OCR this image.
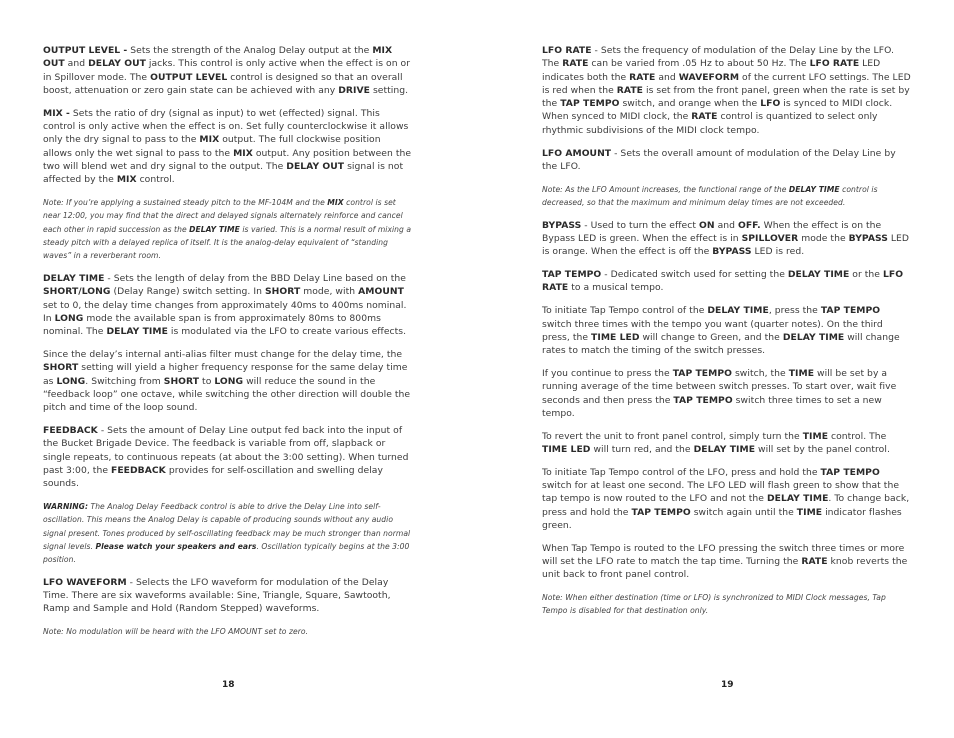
OUTPUT LEVEL - Sets the strength of the Analog Delay output at the MIX OUT and DELAY OUT jacks. This control is only active when the effect is on or in Spillover mode. The OUTPUT LEVEL control is designed so that an overall boost, attenuation or zero gain state can be achieved with any DRIVE setting.

MIX - Sets the ratio of dry (signal as input) to wet (effected) signal. This control is only active when the effect is on. Set fully counterclockwise it allows only the dry signal to pass to the MIX output. The full clockwise position allows only the wet signal to pass to the MIX output. Any position between the two will blend wet and dry signal to the output. The DELAY OUT signal is not affected by the MIX control.

Note: If you’re applying a sustained steady pitch to the MF-104M and the MIX control is set near 12:00, you may find that the direct and delayed signals alternately reinforce and cancel each other in rapid succession as the DELAY TIME is varied. This is a normal result of mixing a steady pitch with a delayed replica of itself. It is the analog-delay equivalent of “standing waves” in a reverberant room.

DELAY TIME - Sets the length of delay from the BBD Delay Line based on the SHORT/LONG (Delay Range) switch setting. In SHORT mode, with AMOUNT set to 0, the delay time changes from approximately 40ms to 400ms nominal. In LONG mode the available span is from approximately 80ms to 800ms nominal. The DELAY TIME is modulated via the LFO to create various effects.

Since the delay’s internal anti-alias filter must change for the delay time, the SHORT setting will yield a higher frequency response for the same delay time as LONG. Switching from SHORT to LONG will reduce the sound in the “feedback loop” one octave, while switching the other direction will double the pitch and time of the loop sound.

FEEDBACK - Sets the amount of Delay Line output fed back into the input of the Bucket Brigade Device. The feedback is variable from off, slapback or single repeats, to continuous repeats (at about the 3:00 setting). When turned past 3:00, the FEEDBACK provides for self-oscillation and swelling delay sounds.

WARNING: The Analog Delay Feedback control is able to drive the Delay Line into self-oscillation. This means the Analog Delay is capable of producing sounds without any audio signal present. Tones produced by self-oscillating feedback may be much stronger than normal signal levels. Please watch your speakers and ears. Oscillation typically begins at the 3:00 position.

LFO WAVEFORM - Selects the LFO waveform for modulation of the Delay Time. There are six waveforms available: Sine, Triangle, Square, Sawtooth, Ramp and Sample and Hold (Random Stepped) waveforms.

Note: No modulation will be heard with the LFO AMOUNT set to zero.

18

LFO RATE - Sets the frequency of modulation of the Delay Line by the LFO. The RATE can be varied from .05 Hz to about 50 Hz. The LFO RATE LED indicates both the RATE and WAVEFORM of the current LFO settings. The LED is red when the RATE is set from the front panel, green when the rate is set by the TAP TEMPO switch, and orange when the LFO is synced to MIDI clock. When synced to MIDI clock, the RATE control is quantized to select only rhythmic subdivisions of the MIDI clock tempo.

LFO AMOUNT - Sets the overall amount of modulation of the Delay Line by the LFO.

Note: As the LFO Amount increases, the functional range of the DELAY TIME control is decreased, so that the maximum and minimum delay times are not exceeded.

BYPASS - Used to turn the effect ON and OFF. When the effect is on the Bypass LED is green. When the effect is in SPILLOVER mode the BYPASS LED is orange. When the effect is off the BYPASS LED is red.

TAP TEMPO - Dedicated switch used for setting the DELAY TIME or the LFO RATE to a musical tempo.

To initiate Tap Tempo control of the DELAY TIME, press the TAP TEMPO switch three times with the tempo you want (quarter notes). On the third press, the TIME LED will change to Green, and the DELAY TIME will change rates to match the timing of the switch presses.

If you continue to press the TAP TEMPO switch, the TIME will be set by a running average of the time between switch presses. To start over, wait five seconds and then press the TAP TEMPO switch three times to set a new tempo.

To revert the unit to front panel control, simply turn the TIME control. The TIME LED will turn red, and the DELAY TIME will set by the panel control.

To initiate Tap Tempo control of the LFO, press and hold the TAP TEMPO switch for at least one second. The LFO LED will flash green to show that the tap tempo is now routed to the LFO and not the DELAY TIME. To change back, press and hold the TAP TEMPO switch again until the TIME indicator flashes green.

When Tap Tempo is routed to the LFO pressing the switch three times or more will set the LFO rate to match the tap time. Turning the RATE knob reverts the unit back to front panel control.

Note: When either destination (time or LFO) is synchronized to MIDI Clock messages, Tap Tempo is disabled for that destination only.

19
